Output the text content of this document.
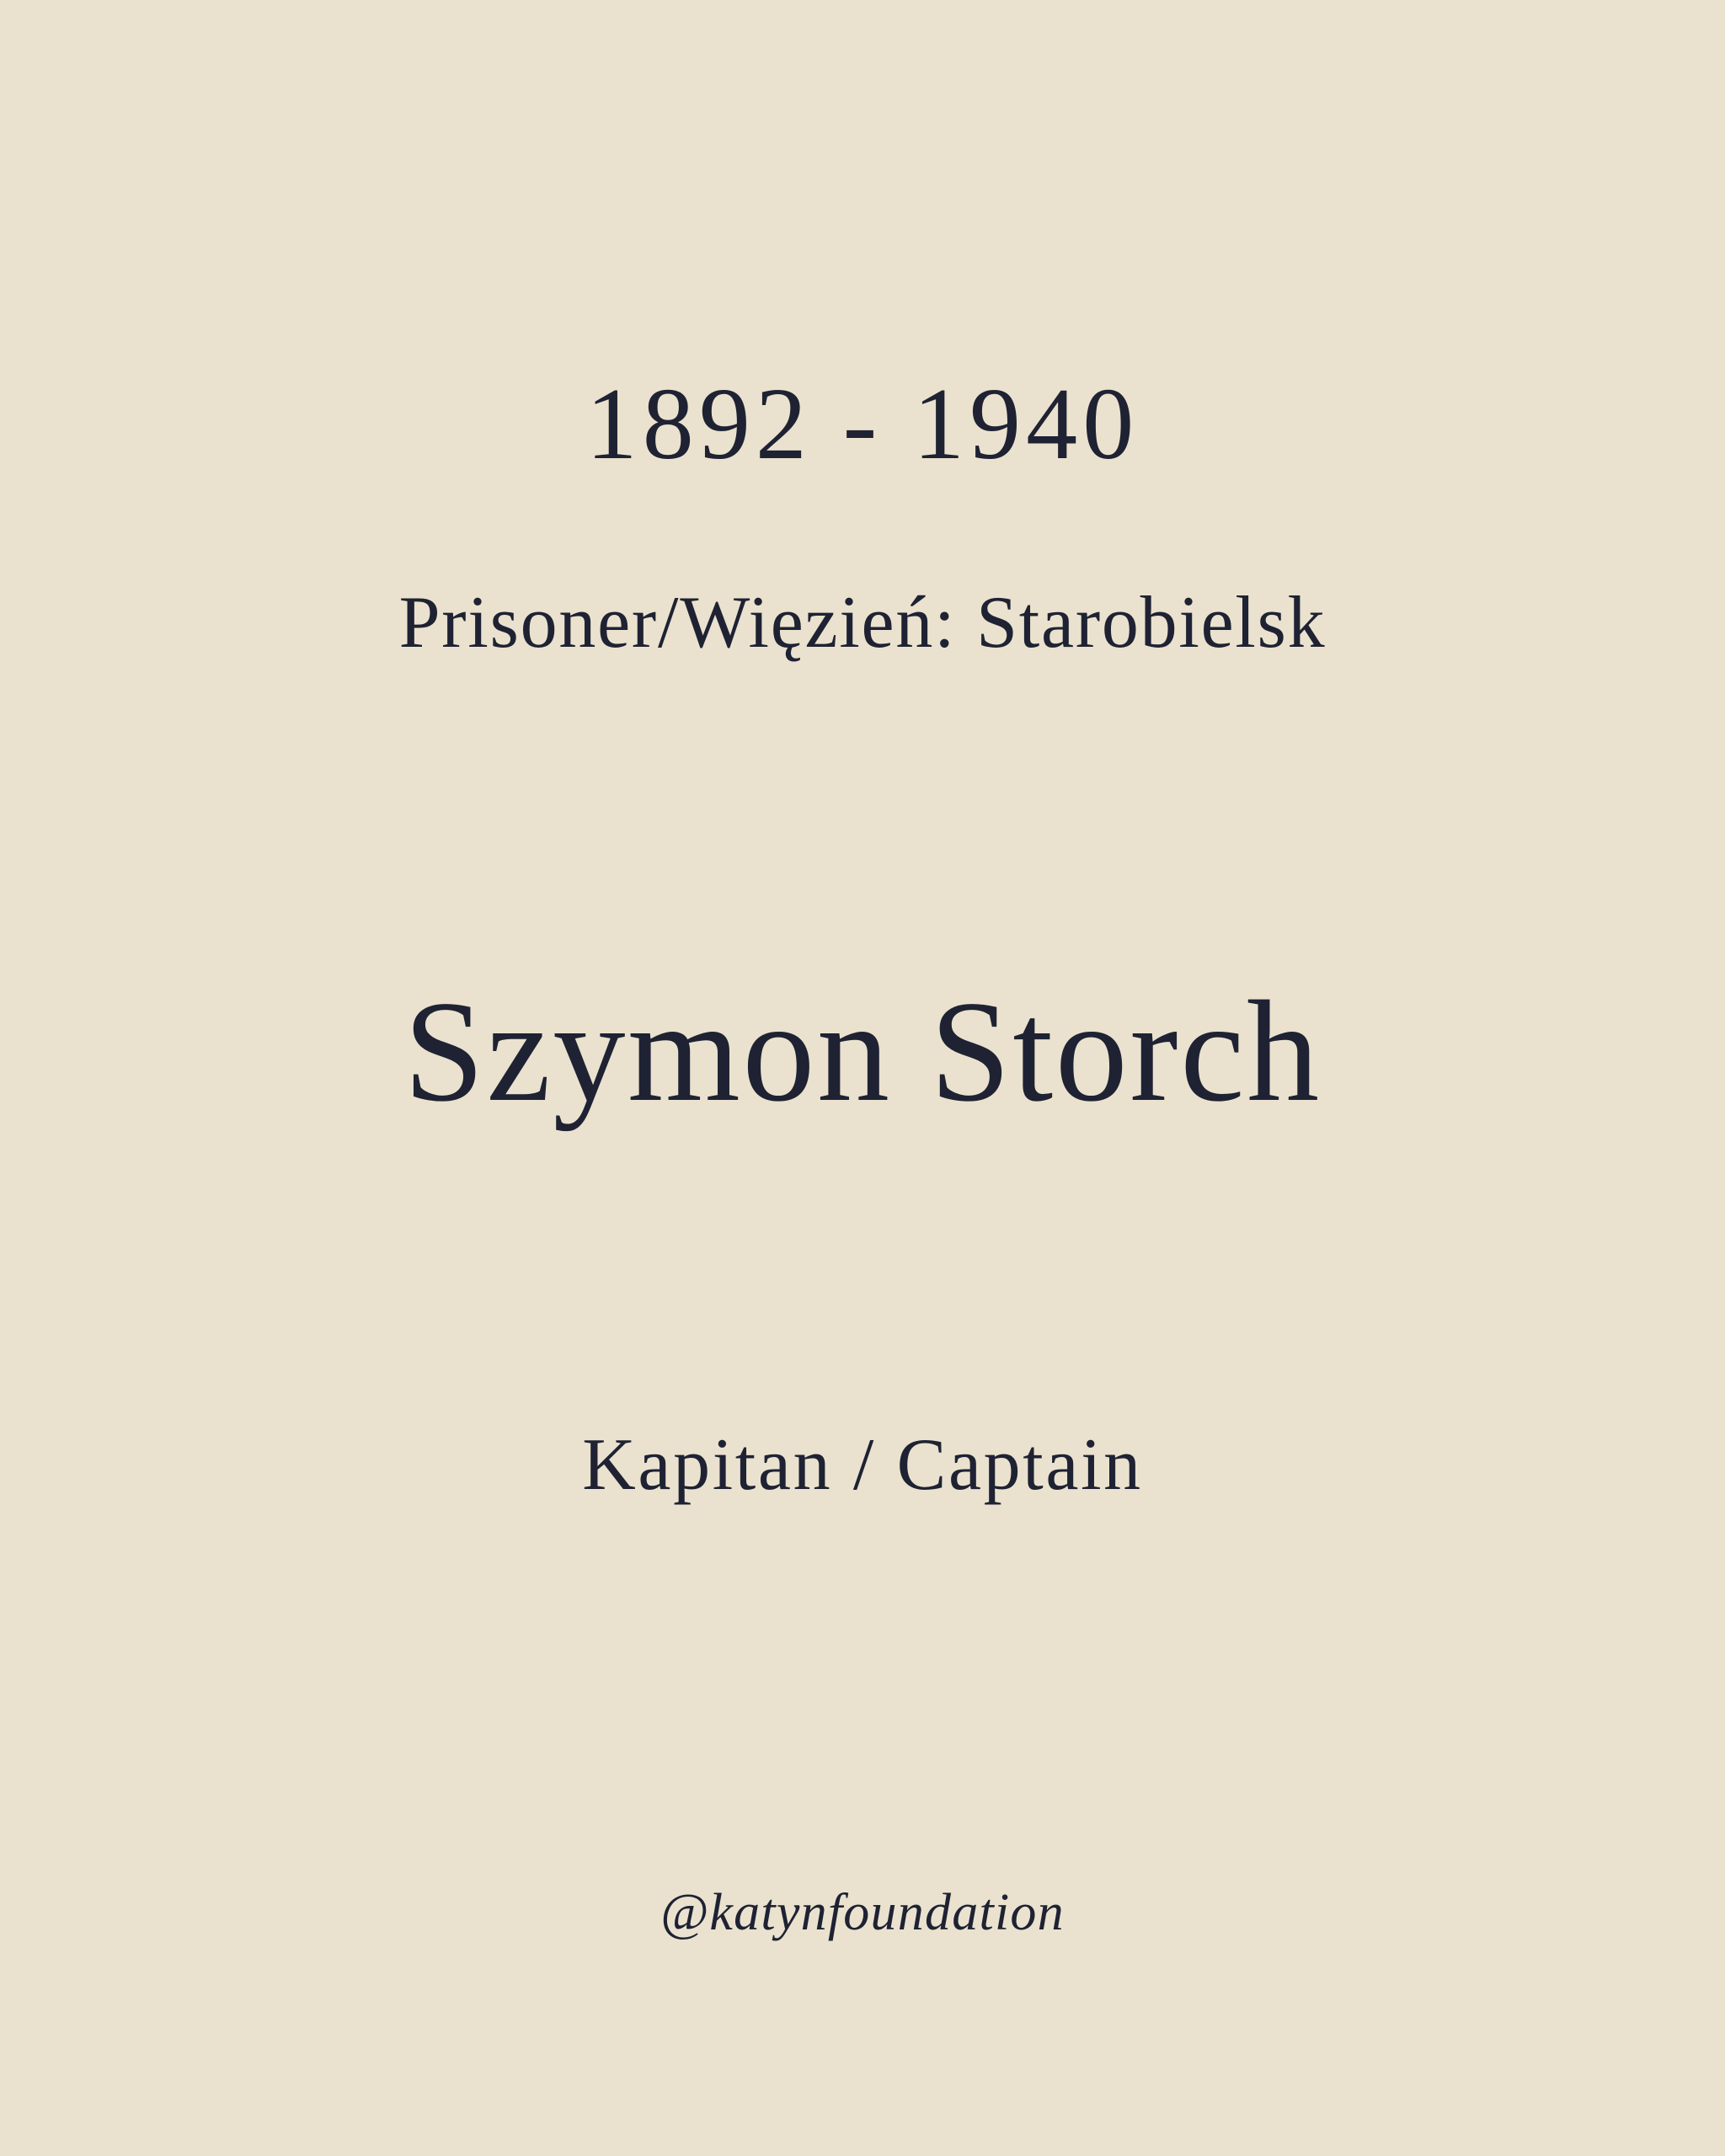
1892 - 1940
Prisoner/Więzień: Starobielsk
Szymon Storch
Kapitan / Captain
@katynfoundation
